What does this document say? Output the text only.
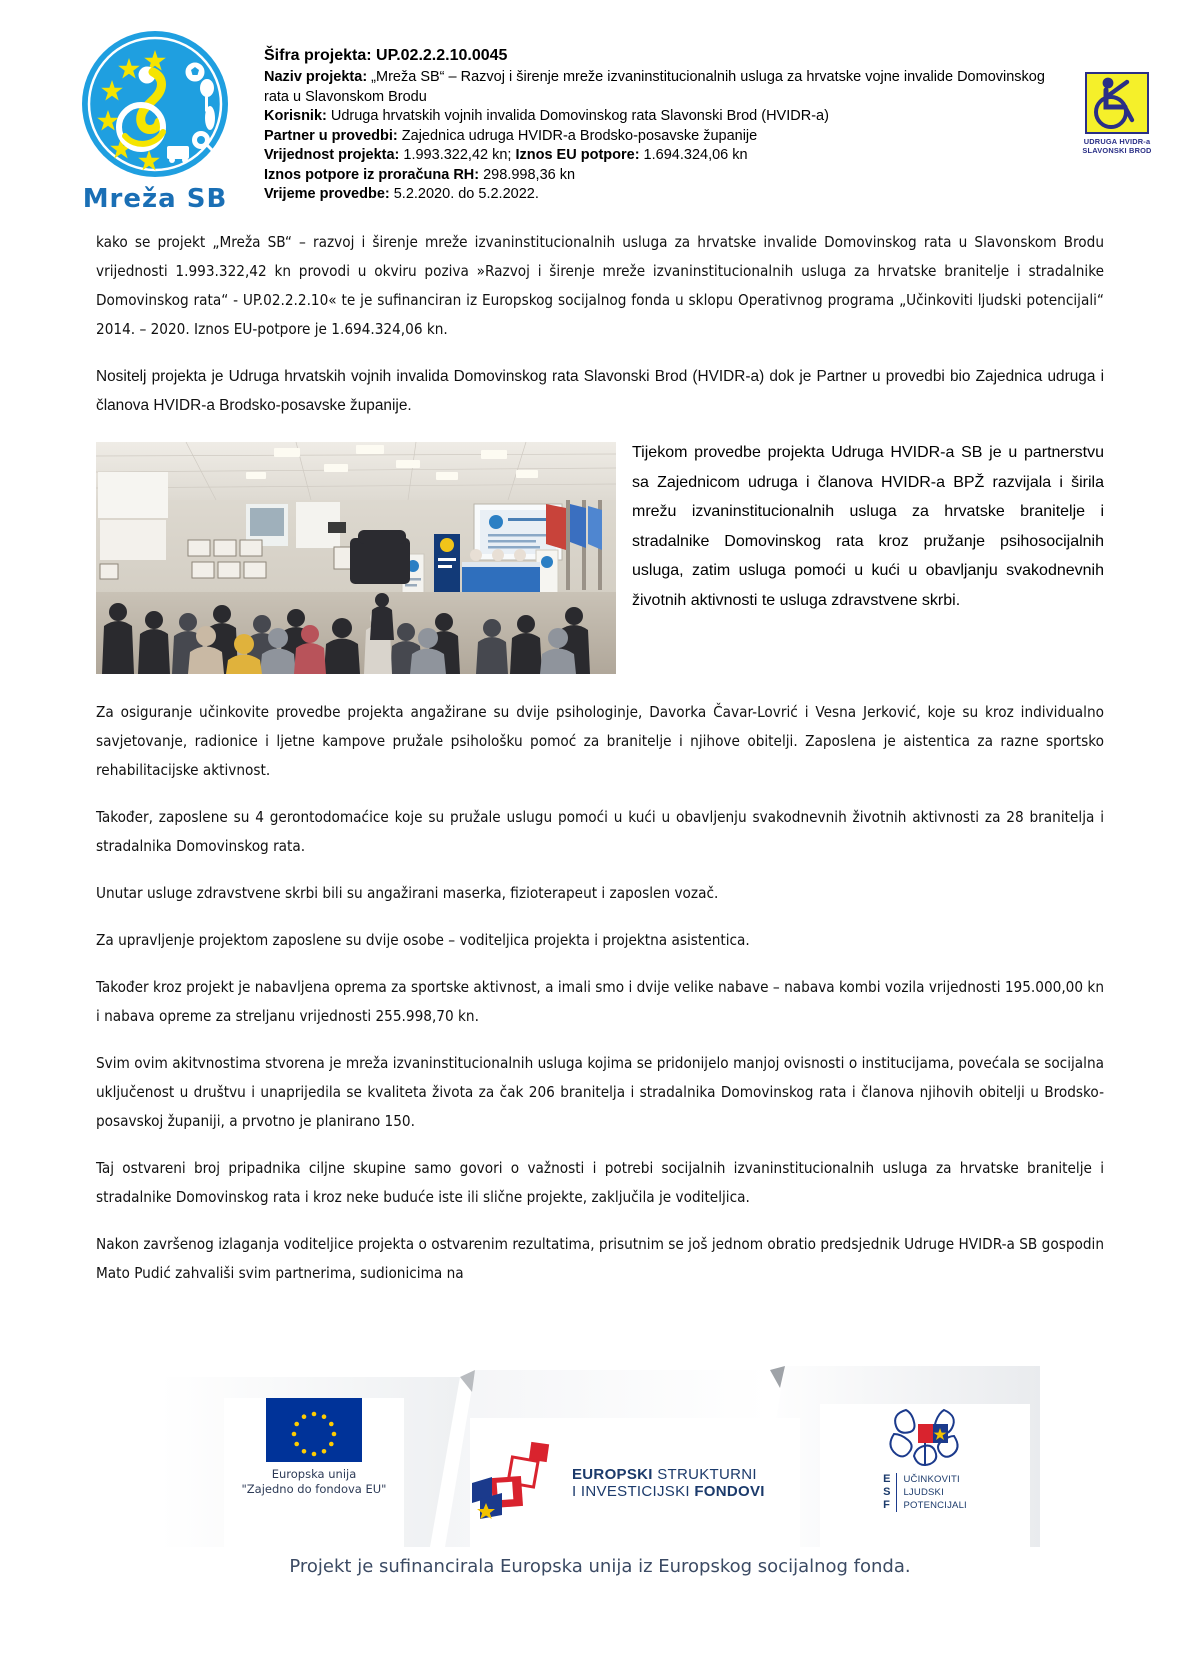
Mreža SB

Šifra projekta: UP.02.2.2.10.0045

Naziv projekta: „Mreža SB“ – Razvoj i širenje mreže izvaninstitucionalnih usluga za hrvatske vojne invalide Domovinskog rata u Slavonskom Brodu

Korisnik: Udruga hrvatskih vojnih invalida Domovinskog rata Slavonski Brod (HVIDR-a)

Partner u provedbi: Zajednica udruga HVIDR-a Brodsko-posavske županije

Vrijednost projekta: 1.993.322,42 kn; Iznos EU potpore: 1.694.324,06 kn

Iznos potpore iz proračuna RH: 298.998,36 kn

Vrijeme provedbe: 5.2.2020. do 5.2.2022.

UDRUGA HVIDR-a
SLAVONSKI BROD

kako se projekt „Mreža SB“ – razvoj i širenje mreže izvaninstitucionalnih usluga za hrvatske invalide Domovinskog rata u Slavonskom Brodu vrijednosti 1.993.322,42 kn provodi u okviru poziva »Razvoj i širenje mreže izvaninstitucionalnih usluga za hrvatske branitelje i stradalnike Domovinskog rata“ - UP.02.2.2.10« te je sufinanciran iz Europskog socijalnog fonda u sklopu Operativnog programa „Učinkoviti ljudski potencijali“ 2014. – 2020. Iznos EU-potpore je 1.694.324,06 kn.

Nositelj projekta je Udruga hrvatskih vojnih invalida Domovinskog rata Slavonski Brod (HVIDR-a) dok je Partner u provedbi bio Zajednica udruga i članova HVIDR-a Brodsko-posavske županije.

Tijekom provedbe projekta Udruga HVIDR-a SB je u partnerstvu sa Zajednicom udruga i članova HVIDR-a BPŽ razvijala i širila mrežu izvaninstitucionalnih usluga za hrvatske branitelje i stradalnike Domovinskog rata kroz pružanje psihosocijalnih usluga, zatim usluga pomoći u kući u obavljanju svakodnevnih životnih aktivnosti te usluga zdravstvene skrbi.

Za osiguranje učinkovite provedbe projekta angažirane su dvije psihologinje, Davorka Čavar-Lovrić i Vesna Jerković, koje su kroz individualno savjetovanje, radionice i ljetne kampove pružale psihološku pomoć za branitelje i njihove obitelji. Zaposlena je aistentica za razne sportsko rehabilitacijske aktivnost.

Također, zaposlene su 4 gerontodomaćice koje su pružale uslugu pomoći u kući u obavljenju svakodnevnih životnih aktivnosti za 28 branitelja i stradalnika Domovinskog rata.

Unutar usluge zdravstvene skrbi bili su angažirani maserka, fizioterapeut i zaposlen vozač.

Za upravljenje projektom zaposlene su dvije osobe – voditeljica projekta i projektna asistentica.

Također kroz projekt je nabavljena oprema za sportske aktivnost, a imali smo i dvije velike nabave – nabava kombi vozila vrijednosti 195.000,00 kn i nabava opreme za streljanu vrijednosti 255.998,70 kn.

Svim ovim akitvnostima stvorena je mreža izvaninstitucionalnih usluga kojima se pridonijelo manjoj ovisnosti o institucijama, povećala se socijalna uključenost u društvu i unaprijedila se kvaliteta života za čak 206 branitelja i stradalnika Domovinskog rata i članova njihovih obitelji u Brodsko-posavskoj županiji, a prvotno je planirano 150.

Taj ostvareni broj pripadnika ciljne skupine samo govori o važnosti i potrebi socijalnih izvaninstitucionalnih usluga za hrvatske branitelje i stradalnike Domovinskog rata i kroz neke buduće iste ili slične projekte, zaključila je voditeljica.

Nakon završenog izlaganja voditeljice projekta o ostvarenim rezultatima, prisutnim se još jednom obratio predsjednik Udruge HVIDR-a SB gospodin Mato Pudić zahvališi svim partnerima, sudionicima na

Europska unija
"Zajedno do fondova EU"
EUROPSKI STRUKTURNI
I INVESTICIJSKI FONDOVI
E
S
F
UČINKOVITI
LJUDSKI
POTENCIJALI
Projekt je sufinancirala Europska unija iz Europskog socijalnog fonda.
